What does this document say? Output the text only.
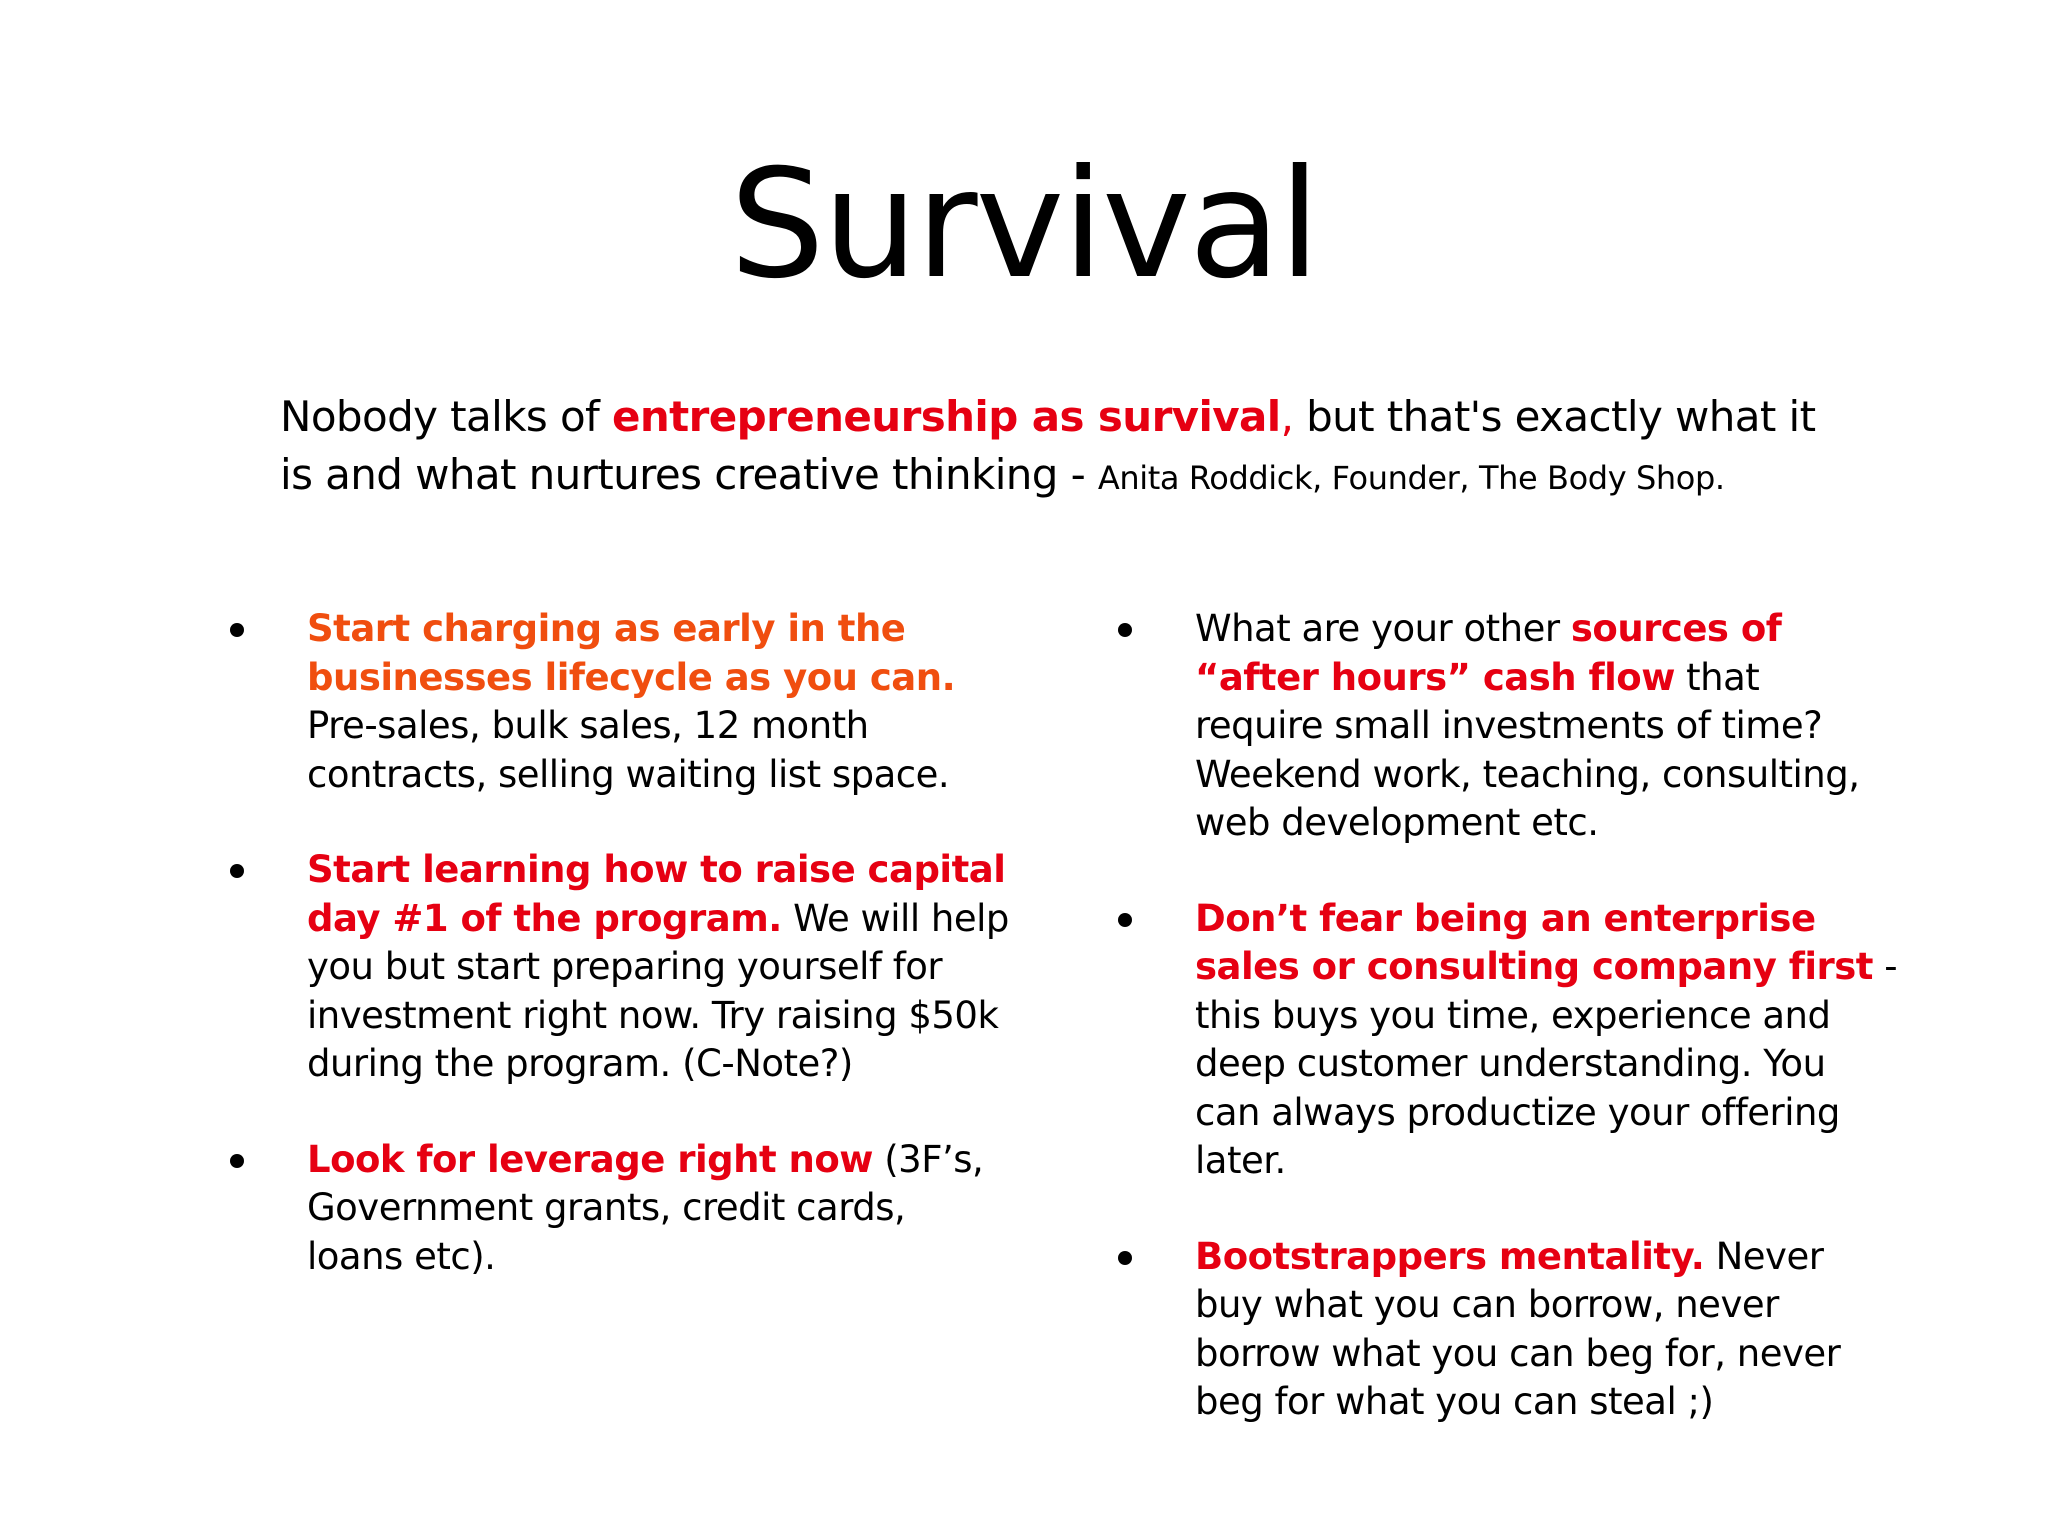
Survival

Nobody talks of entrepreneurship as survival, but that's exactly what it is and what nurtures creative thinking - Anita Roddick, Founder, The Body Shop.

Start charging as early in the businesses lifecycle as you can. Pre-sales, bulk sales, 12 month contracts, selling waiting list space.
Start learning how to raise capital day #1 of the program. We will help you but start preparing yourself for investment right now. Try raising $50k during the program. (C-Note?)
Look for leverage right now (3F’s, Government grants, credit cards, loans etc).
What are your other sources of “after hours” cash flow that require small investments of time? Weekend work, teaching, consulting, web development etc.
Don’t fear being an enterprise sales or consulting company first - this buys you time, experience and deep customer understanding. You can always productize your offering later.
Bootstrappers mentality. Never buy what you can borrow, never borrow what you can beg for, never beg for what you can steal ;)
